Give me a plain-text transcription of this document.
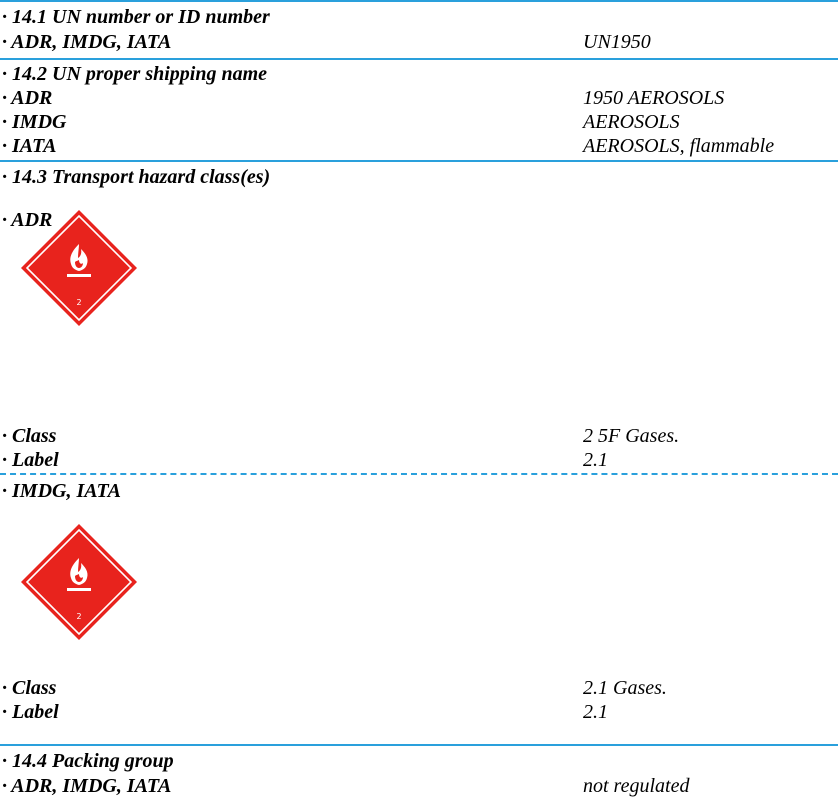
· 14.1 UN number or ID number
· ADR, IMDG, IATA	UN1950
· 14.2 UN proper shipping name
· ADR	1950 AEROSOLS
· IMDG	AEROSOLS
· IATA	AEROSOLS, flammable
· 14.3 Transport hazard class(es)
· ADR
2
· Class	2 5F Gases.
· Label	2.1
· IMDG, IATA
2
· Class	2.1 Gases.
· Label	2.1
· 14.4 Packing group
· ADR, IMDG, IATA	not regulated
